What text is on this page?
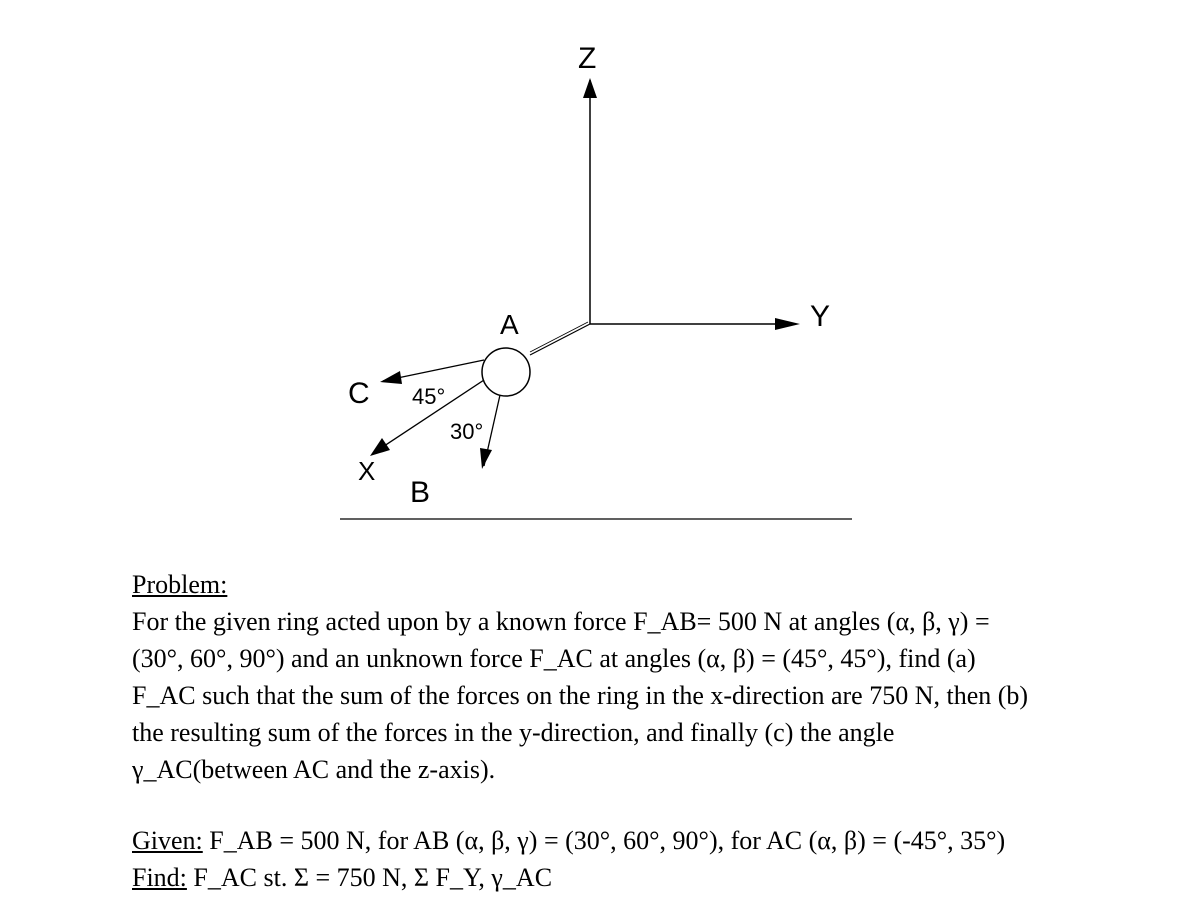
Z
Y
A
C
X
B
45°
30°

Problem:

For the given ring acted upon by a known force F_AB= 500 N at angles (α, β, γ) =

(30°, 60°, 90°) and an unknown force F_AC at angles (α, β) = (45°, 45°), find (a)

F_AC such that the sum of the forces on the ring in the x-direction are 750 N, then (b)

the resulting sum of the forces in the y-direction, and finally (c) the angle

γ_AC(between AC and the z-axis).

Given: F_AB = 500 N, for AB (α, β, γ) = (30°, 60°, 90°), for AC (α, β) = (-45°, 35°)

Find: F_AC st. Σ = 750 N, Σ F_Y, γ_AC
